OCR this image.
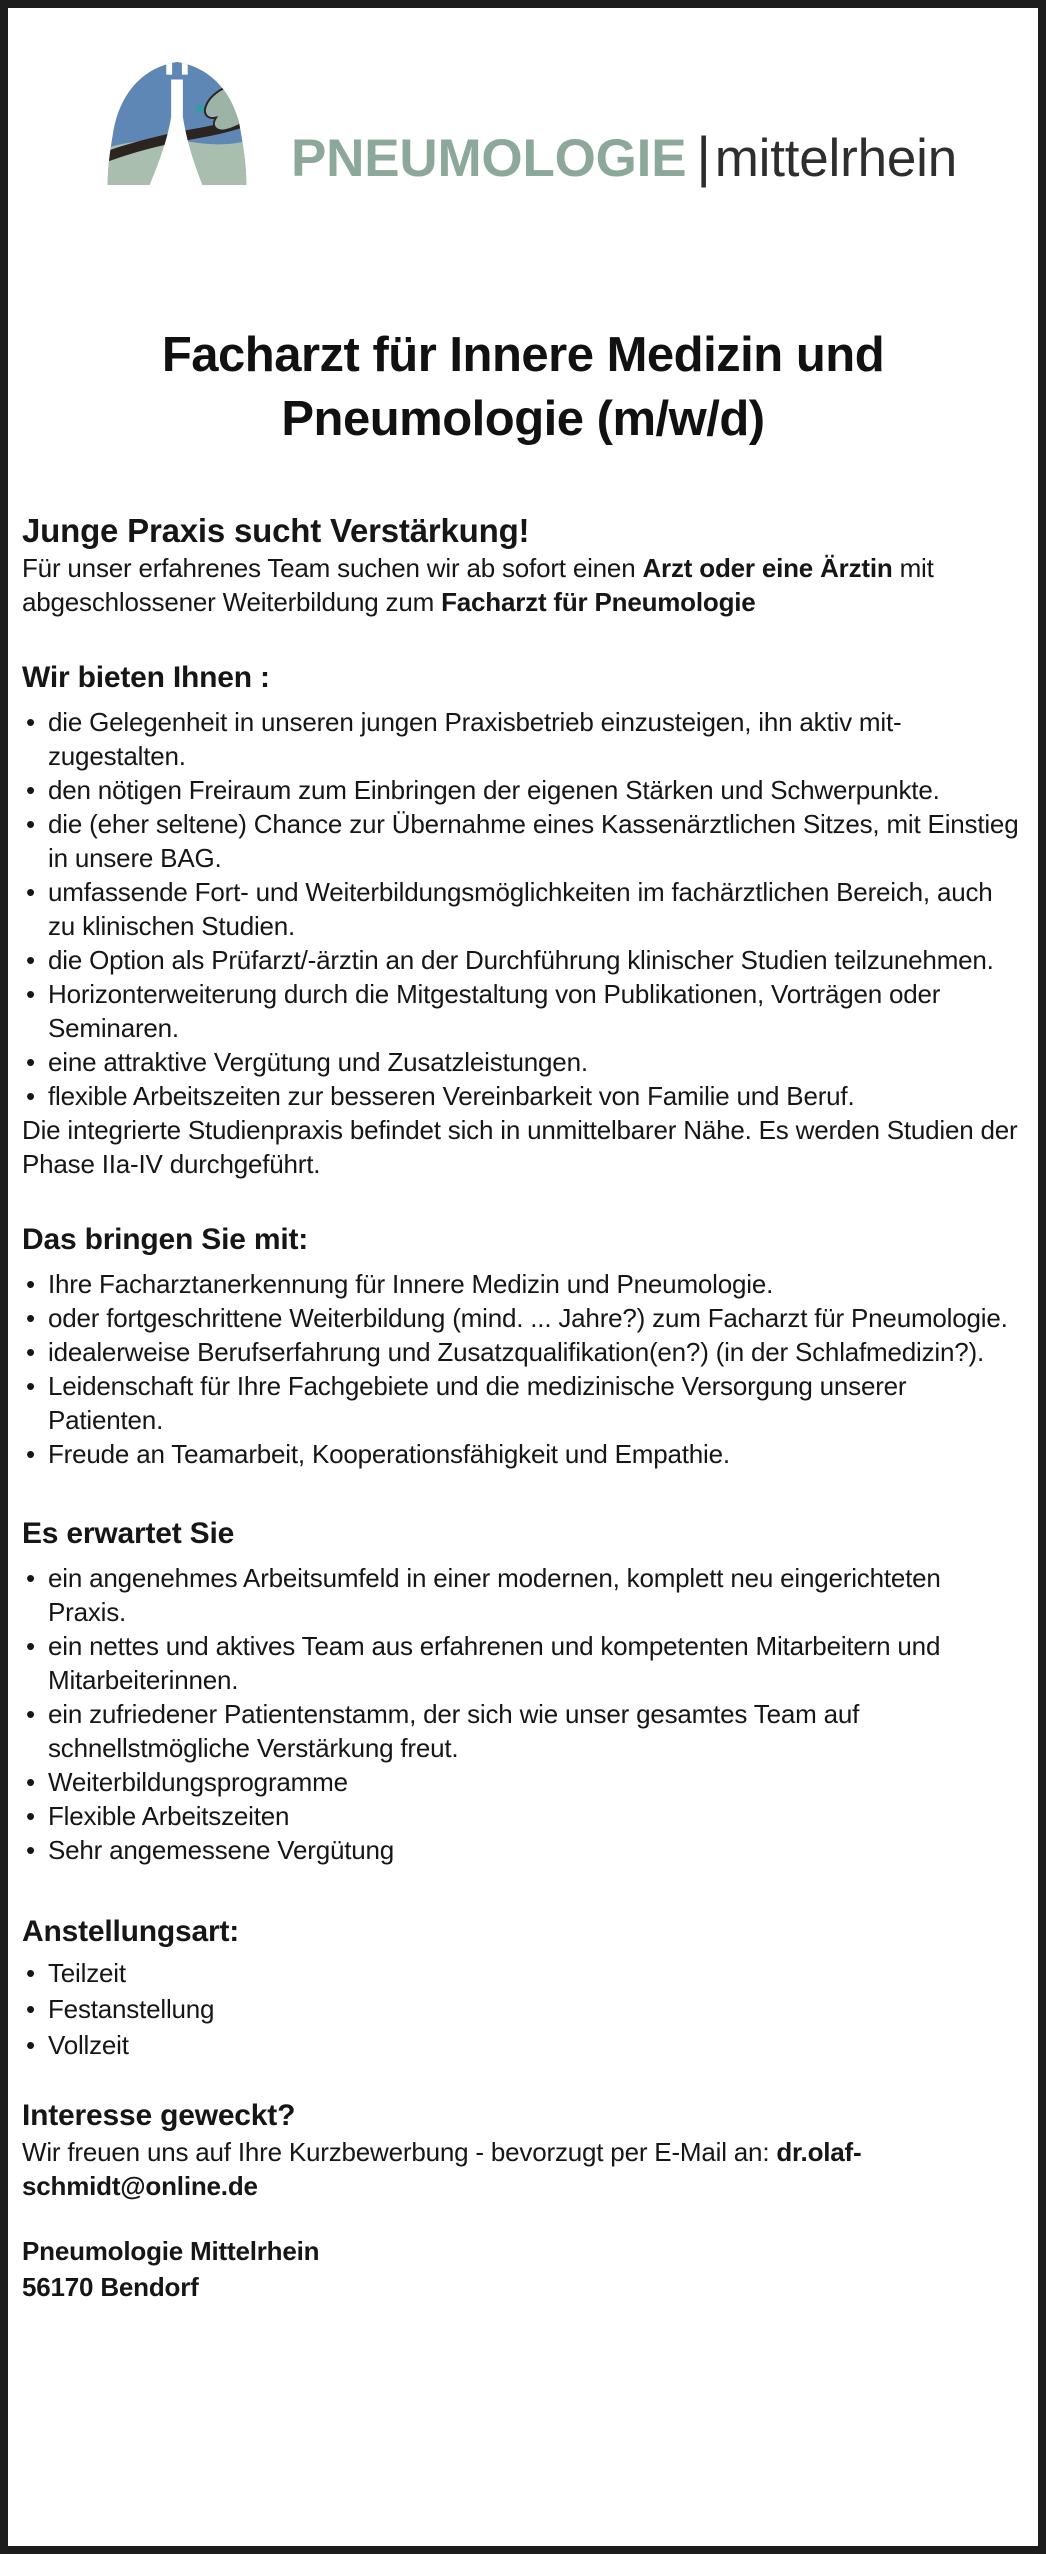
PNEUMOLOGIE |mittelrhein
Facharzt für Innere Medizin und
Pneumologie (m/w/d)

Junge Praxis sucht Verstärkung!

Für unser erfahrenes Team suchen wir ab sofort einen Arzt oder eine Ärztin mit abgeschlossener Weiterbildung zum Facharzt für Pneumologie

Wir bieten Ihnen :
• die Gelegenheit in unseren jungen Praxisbetrieb einzusteigen, ihn aktiv mitzugestalten.
• den nötigen Freiraum zum Einbringen der eigenen Stärken und Schwerpunkte.
• die (eher seltene) Chance zur Übernahme eines Kassenärztlichen Sitzes, mit Einstieg in unsere BAG.
• umfassende Fort- und Weiterbildungsmöglichkeiten im fachärztlichen Bereich, auch zu klinischen Studien.
• die Option als Prüfarzt/-ärztin an der Durchführung klinischer Studien teilzunehmen.
• Horizonterweiterung durch die Mitgestaltung von Publikationen, Vorträgen oder Seminaren.
• eine attraktive Vergütung und Zusatzleistungen.
• flexible Arbeitszeiten zur besseren Vereinbarkeit von Familie und Beruf.

Die integrierte Studienpraxis befindet sich in unmittelbarer Nähe. Es werden Studien der Phase IIa-IV durchgeführt.

Das bringen Sie mit:
• Ihre Facharztanerkennung für Innere Medizin und Pneumologie.
• oder fortgeschrittene Weiterbildung (mind. ... Jahre?) zum Facharzt für Pneumologie.
• idealerweise Berufserfahrung und Zusatzqualifikation(en?) (in der Schlafmedizin?).
• Leidenschaft für Ihre Fachgebiete und die medizinische Versorgung unserer Patienten.
• Freude an Teamarbeit, Kooperationsfähigkeit und Empathie.
Es erwartet Sie
• ein angenehmes Arbeitsumfeld in einer modernen, komplett neu eingerichteten Praxis.
• ein nettes und aktives Team aus erfahrenen und kompetenten Mitarbeitern und Mitarbeiterinnen.
• ein zufriedener Patientenstamm, der sich wie unser gesamtes Team auf schnellstmögliche Verstärkung freut.
• Weiterbildungsprogramme
• Flexible Arbeitszeiten
• Sehr angemessene Vergütung
Anstellungsart:
• Teilzeit
• Festanstellung
• Vollzeit
Interesse geweckt?

Wir freuen uns auf Ihre Kurzbewerbung - bevorzugt per E-Mail an: dr.olaf-schmidt@online.de

Pneumologie Mittelrhein
56170 Bendorf
